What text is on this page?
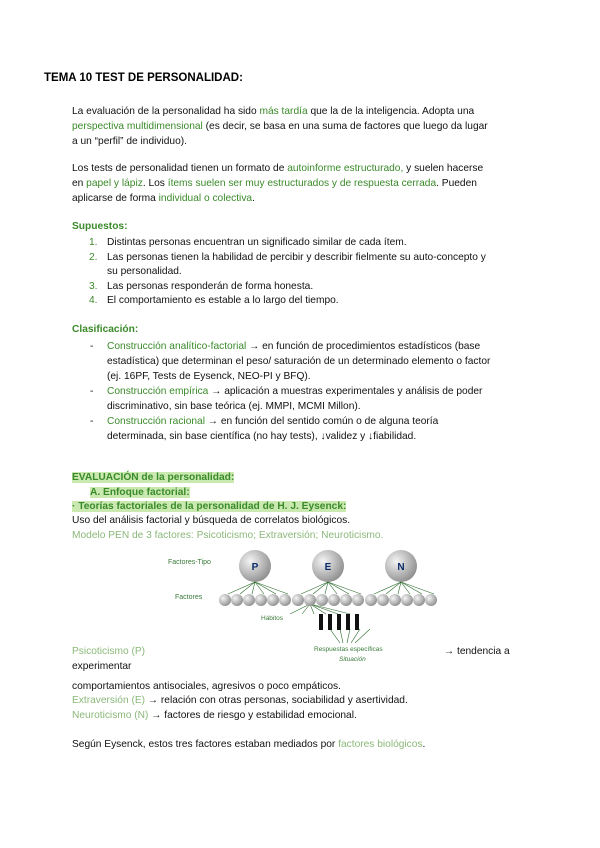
TEMA 10 TEST DE PERSONALIDAD:
La evaluación de la personalidad ha sido más tardía que la de la inteligencia. Adopta una
perspectiva multidimensional (es decir, se basa en una suma de factores que luego da lugar
a un “perfil” de individuo).
Los tests de personalidad tienen un formato de autoinforme estructurado, y suelen hacerse
en papel y lápiz. Los ítems suelen ser muy estructurados y de respuesta cerrada. Pueden
aplicarse de forma individual o colectiva.
Supuestos:
1. Distintas personas encuentran un significado similar de cada ítem.
2. Las personas tienen la habilidad de percibir y describir fielmente su auto-concepto y
su personalidad.
3. Las personas responderán de forma honesta.
4. El comportamiento es estable a lo largo del tiempo.
Clasificación:
- Construcción analítico-factorial → en función de procedimientos estadísticos (base
estadística) que determinan el peso/ saturación de un determinado elemento o factor
(ej. 16PF, Tests de Eysenck, NEO-PI y BFQ).
- Construcción empírica → aplicación a muestras experimentales y análisis de poder
discriminativo, sin base teórica (ej. MMPI, MCMI Millon).
- Construcción racional → en función del sentido común o de alguna teoría
determinada, sin base científica (no hay tests), ↓validez y ↓fiabilidad.
EVALUACIÓN de la personalidad:
A. Enfoque factorial:
· Teorías factoriales de la personalidad de H. J. Eysenck:
Uso del análisis factorial y búsqueda de correlatos biológicos.
Modelo PEN de 3 factores: Psicoticismo; Extraversión; Neuroticismo.
Factores-Tipo
Factores
Hábitos
Respuestas específicas
Situación
P	E	N
Psicoticismo (P)	→ tendencia a
experimentar
comportamientos antisociales, agresivos o poco empáticos.
Extraversión (E) → relación con otras personas, sociabilidad y asertividad.
Neuroticismo (N) → factores de riesgo y estabilidad emocional.
Según Eysenck, estos tres factores estaban mediados por factores biológicos.
